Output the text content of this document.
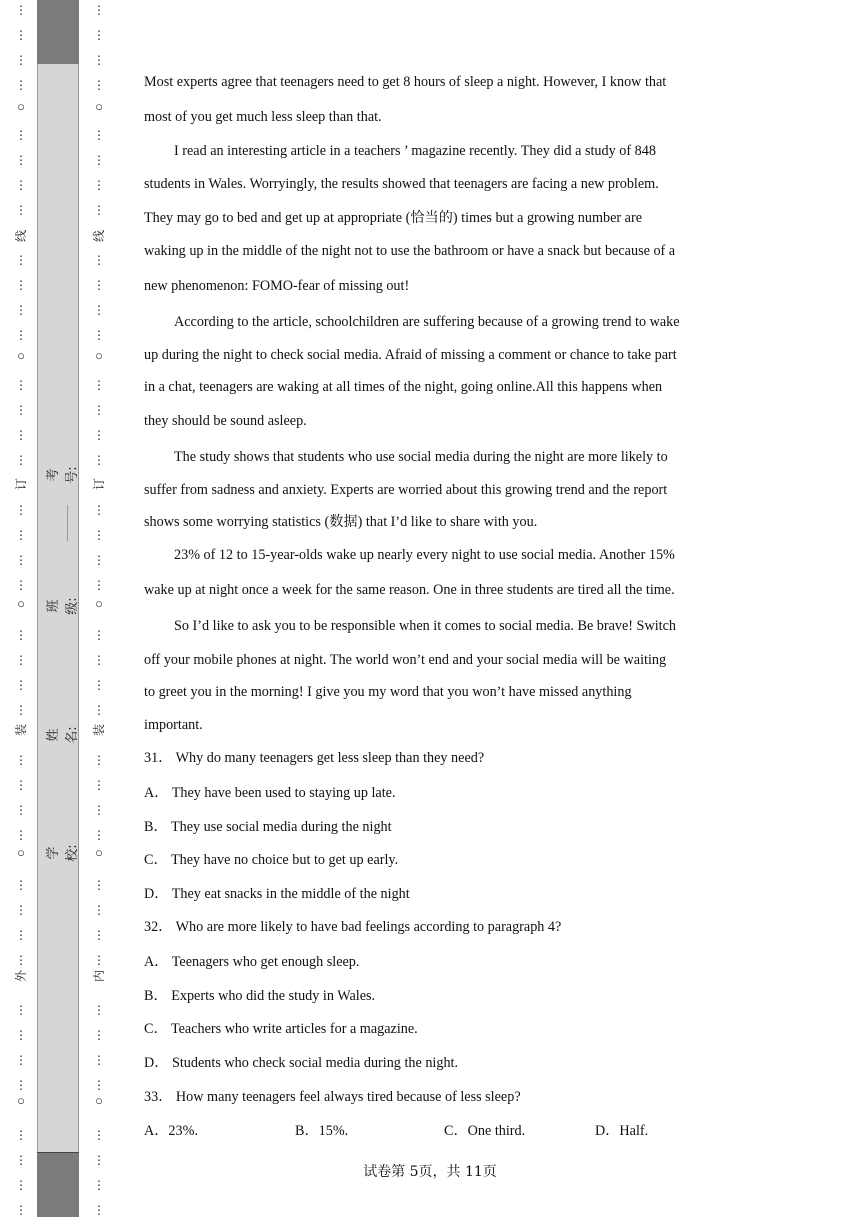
⋮
⋮
⋮
⋮
⋮
⋮
⋮
⋮
⋮
⋮
⋮
⋮
⋮
⋮
⋮
⋮
⋮
⋮
⋮
⋮
⋮
⋮
⋮
⋮
⋮
⋮
⋮
⋮
⋮
⋮
⋮
⋮
⋮
⋮
⋮
⋮
⋮
⋮
⋮
⋮
○
○
○
○
○
外
装
订
线
⋮
⋮
⋮
⋮
⋮
⋮
⋮
⋮
⋮
⋮
⋮
⋮
⋮
⋮
⋮
⋮
⋮
⋮
⋮
⋮
⋮
⋮
⋮
⋮
⋮
⋮
⋮
⋮
⋮
⋮
⋮
⋮
⋮
⋮
⋮
⋮
⋮
⋮
⋮
⋮
○
○
○
○
○
内
装
订
线
考号:
班级:
姓名:
学校:

Most experts agree that teenagers need to get 8 hours of sleep a night. However, I know that

most of you get much less sleep than that.

I read an interesting article in a teachers ’ magazine recently. They did a study of 848

students in Wales. Worryingly, the results showed that teenagers are facing a new problem.

They may go to bed and get up at appropriate (恰当的) times but a growing number are

waking up in the middle of the night not to use the bathroom or have a snack but because of a

new phenomenon: FOMO-fear of missing out!

According to the article, schoolchildren are suffering because of a growing trend to wake

up during the night to check social media. Afraid of missing a comment or chance to take part

in a chat, teenagers are waking at all times of the night, going online.All this happens when

they should be sound asleep.

The study shows that students who use social media during the night are more likely to

suffer from sadness and anxiety. Experts are worried about this growing trend and the report

shows some worrying statistics (数据) that I’d like to share with you.

23% of 12 to 15-year-olds wake up nearly every night to use social media. Another 15%

wake up at night once a week for the same reason. One in three students are tired all the time.

So I’d like to ask you to be responsible when it comes to social media. Be brave! Switch

off your mobile phones at night. The world won’t end and your social media will be waiting

to greet you in the morning! I give you my word that you won’t have missed anything

important.

31． Why do many teenagers get less sleep than they need?

A． They have been used to staying up late.

B． They use social media during the night

C． They have no choice but to get up early.

D． They eat snacks in the middle of the night

32． Who are more likely to have bad feelings according to paragraph 4?

A． Teenagers who get enough sleep.

B． Experts who did the study in Wales.

C． Teachers who write articles for a magazine.

D． Students who check social media during the night.

33． How many teenagers feel always tired because of less sleep?

A．23%.	B．15%.	C．One third.	D．Half.
试卷第 5页，共 11页
